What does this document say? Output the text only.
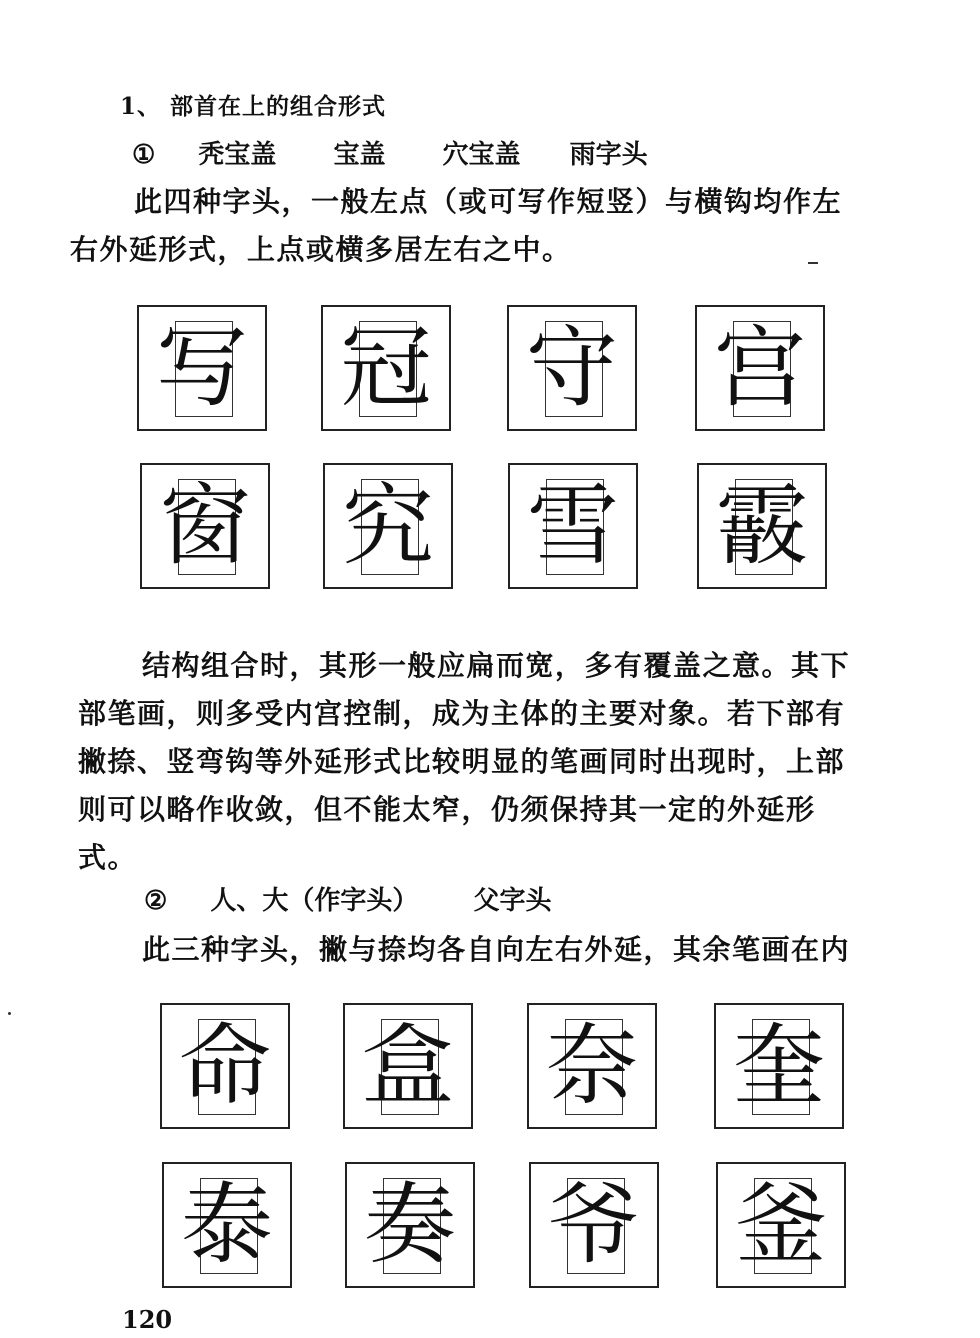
1、 部首在上的组合形式
① 秃宝盖 宝盖 穴宝盖 雨字头
此四种字头，一般左点（或可写作短竖）与横钩均作左
右外延形式，上点或横多居左右之中。
写 冠 守 宫
窗 究 雪 霰
结构组合时，其形一般应扁而宽，多有覆盖之意。其下
部笔画，则多受内宫控制，成为主体的主要对象。若下部有
撇捺、竖弯钩等外延形式比较明显的笔画同时出现时，上部
则可以略作收敛，但不能太窄，仍须保持其一定的外延形
式。
② 人、大（作字头） 父字头
此三种字头，撇与捺均各自向左右外延，其余笔画在内
命 盒 奈 奎
泰 奏 爷 釜
120
